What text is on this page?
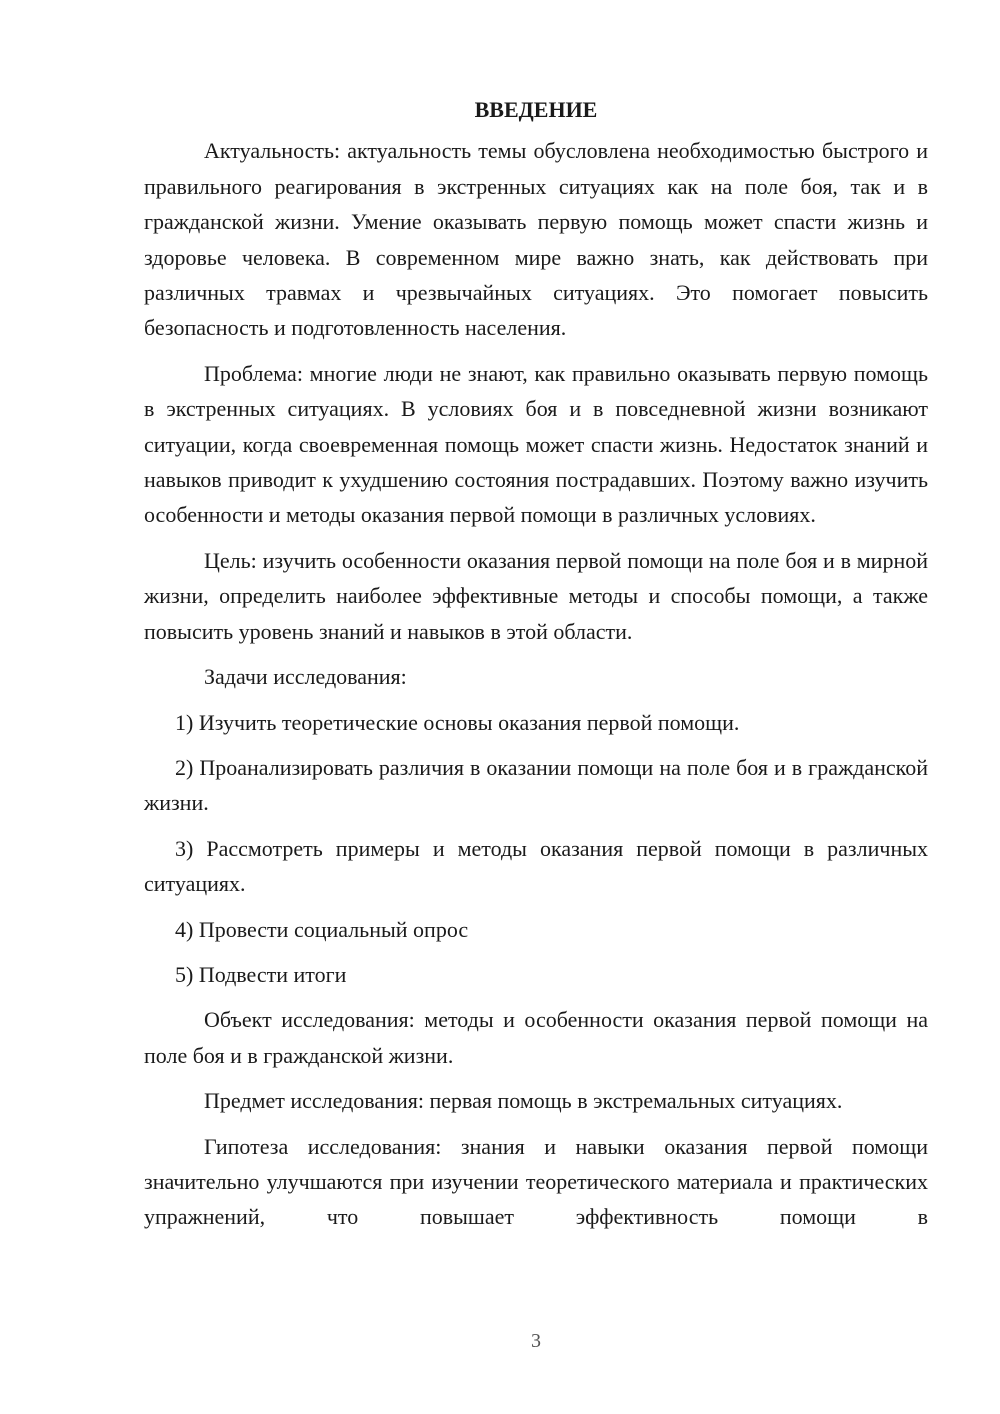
ВВЕДЕНИЕ

Актуальность: актуальность темы обусловлена необходимостью быстрого и правильного реагирования в экстренных ситуациях как на поле боя, так и в гражданской жизни. Умение оказывать первую помощь может спасти жизнь и здоровье человека. В современном мире важно знать, как действовать при различных травмах и чрезвычайных ситуациях. Это помогает повысить безопасность и подготовленность населения.

Проблема: многие люди не знают, как правильно оказывать первую помощь в экстренных ситуациях. В условиях боя и в повседневной жизни возникают ситуации, когда своевременная помощь может спасти жизнь. Недостаток знаний и навыков приводит к ухудшению состояния пострадавших. Поэтому важно изучить особенности и методы оказания первой помощи в различных условиях.

Цель: изучить особенности оказания первой помощи на поле боя и в мирной жизни, определить наиболее эффективные методы и способы помощи, а также повысить уровень знаний и навыков в этой области.

Задачи исследования:

1) Изучить теоретические основы оказания первой помощи.

2) Проанализировать различия в оказании помощи на поле боя и в гражданской жизни.

3) Рассмотреть примеры и методы оказания первой помощи в различных ситуациях.

4) Провести социальный опрос

5) Подвести итоги

Объект исследования: методы и особенности оказания первой помощи на поле боя и в гражданской жизни.

Предмет исследования: первая помощь в экстремальных ситуациях.

Гипотеза исследования: знания и навыки оказания первой помощи значительно улучшаются при изучении теоретического материала и практических упражнений, что повышает эффективность помощи в

3
